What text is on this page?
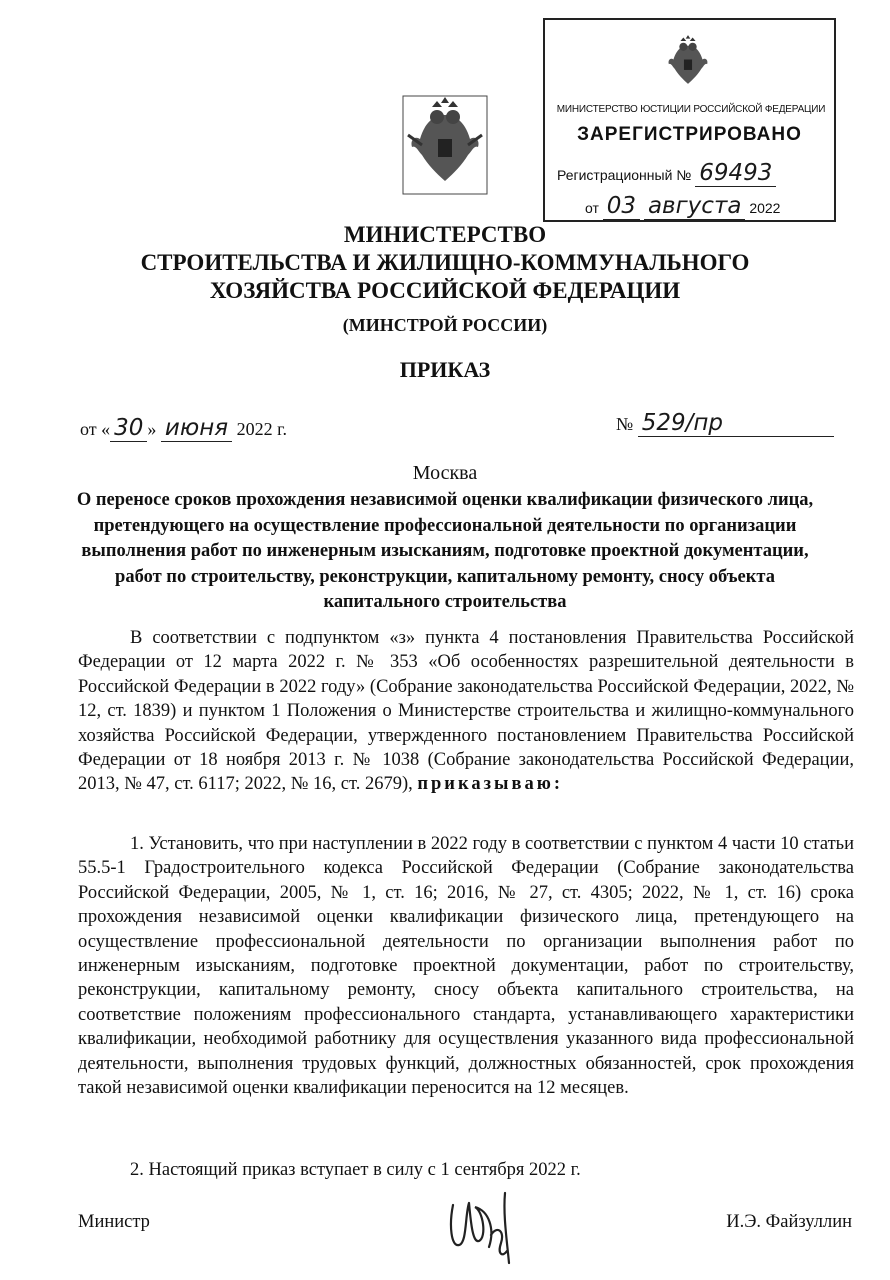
МИНИСТЕРСТВО ЮСТИЦИИ РОССИЙСКОЙ ФЕДЕРАЦИИ
ЗАРЕГИСТРИРОВАНО
Регистрационный № 69493
от 03 августа 2022
МИНИСТЕРСТВО
СТРОИТЕЛЬСТВА И ЖИЛИЩНО-КОММУНАЛЬНОГО
ХОЗЯЙСТВА РОССИЙСКОЙ ФЕДЕРАЦИИ
(МИНСТРОЙ РОССИИ)
ПРИКАЗ
от « 30 » июня 2022 г.	№ 529/пр
Москва
О переносе сроков прохождения независимой оценки квалификации физического лица, претендующего на осуществление профессиональной деятельности по организации выполнения работ по инженерным изысканиям, подготовке проектной документации, работ по строительству, реконструкции, капитальному ремонту, сносу объекта капитального строительства
В соответствии с подпунктом «з» пункта 4 постановления Правительства Российской Федерации от 12 марта 2022 г. № 353 «Об особенностях разрешительной деятельности в Российской Федерации в 2022 году» (Собрание законодательства Российской Федерации, 2022, № 12, ст. 1839) и пунктом 1 Положения о Министерстве строительства и жилищно-коммунального хозяйства Российской Федерации, утвержденного постановлением Правительства Российской Федерации от 18 ноября 2013 г. № 1038 (Собрание законодательства Российской Федерации, 2013, № 47, ст. 6117; 2022, № 16, ст. 2679), приказываю:
1. Установить, что при наступлении в 2022 году в соответствии с пунктом 4 части 10 статьи 55.5-1 Градостроительного кодекса Российской Федерации (Собрание законодательства Российской Федерации, 2005, № 1, ст. 16; 2016, № 27, ст. 4305; 2022, № 1, ст. 16) срока прохождения независимой оценки квалификации физического лица, претендующего на осуществление профессиональной деятельности по организации выполнения работ по инженерным изысканиям, подготовке проектной документации, работ по строительству, реконструкции, капитальному ремонту, сносу объекта капитального строительства, на соответствие положениям профессионального стандарта, устанавливающего характеристики квалификации, необходимой работнику для осуществления указанного вида профессиональной деятельности, выполнения трудовых функций, должностных обязанностей, срок прохождения такой независимой оценки квалификации переносится на 12 месяцев.
2. Настоящий приказ вступает в силу с 1 сентября 2022 г.
Министр	И.Э. Файзуллин
